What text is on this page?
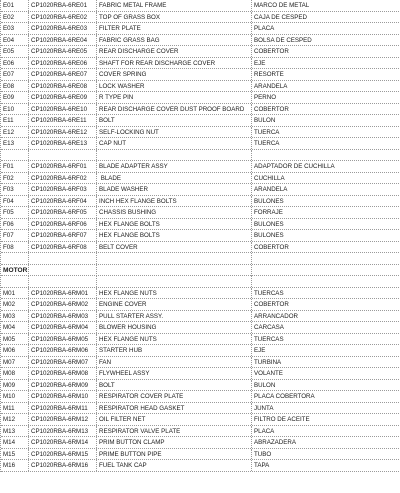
E01	CP1020RBA-6RE01	FABRIC METAL FRAME	MARCO DE METAL
E02	CP1020RBA-6RE02	TOP OF GRASS BOX	CAJA DE CESPED
E03	CP1020RBA-6RE03	FILTER PLATE	PLACA
E04	CP1020RBA-6RE04	FABRIC GRASS BAG	BOLSA DE CESPED
E05	CP1020RBA-6RE05	REAR DISCHARGE COVER	COBERTOR
E06	CP1020RBA-6RE06	SHAFT FOR REAR DISCHARGE COVER	EJE
E07	CP1020RBA-6RE07	COVER SPRING	RESORTE
E08	CP1020RBA-6RE08	LOCK WASHER	ARANDELA
E09	CP1020RBA-6RE09	R TYPE PIN	PERNO
E10	CP1020RBA-6RE10	REAR DISCHARGE COVER DUST PROOF BOARD	COBERTOR
E11	CP1020RBA-6RE11	BOLT	BULON
E12	CP1020RBA-6RE12	SELF-LOCKING NUT	TUERCA
E13	CP1020RBA-6RE13	CAP NUT	TUERCA
F01	CP1020RBA-6RF01	BLADE ADAPTER ASSY	ADAPTADOR DE CUCHILLA
F02	CP1020RBA-6RF02	BLADE	CUCHILLA
F03	CP1020RBA-6RF03	BLADE WASHER	ARANDELA
F04	CP1020RBA-6RF04	INCH HEX FLANGE BOLTS	BULONES
F05	CP1020RBA-6RF05	CHASSIS BUSHING	FORRAJE
F06	CP1020RBA-6RF06	HEX FLANGE BOLTS	BULONES
F07	CP1020RBA-6RF07	HEX FLANGE BOLTS	BULONES
F08	CP1020RBA-6RF08	BELT COVER	COBERTOR
MOTOR
M01	CP1020RBA-6RM01	HEX FLANGE NUTS	TUERCAS
M02	CP1020RBA-6RM02	ENGINE COVER	COBERTOR
M03	CP1020RBA-6RM03	PULL STARTER ASSY.	ARRANCADOR
M04	CP1020RBA-6RM04	BLOWER HOUSING	CARCASA
M05	CP1020RBA-6RM05	HEX FLANGE NUTS	TUERCAS
M06	CP1020RBA-6RM06	STARTER HUB	EJE
M07	CP1020RBA-6RM07	FAN	TURBINA
M08	CP1020RBA-6RM08	FLYWHEEL ASSY	VOLANTE
M09	CP1020RBA-6RM09	BOLT	BULON
M10	CP1020RBA-6RM10	RESPIRATOR COVER PLATE	PLACA COBERTORA
M11	CP1020RBA-6RM11	RESPIRATOR HEAD GASKET	JUNTA
M12	CP1020RBA-6RM12	OIL FILTER NET	FILTRO DE ACEITE
M13	CP1020RBA-6RM13	RESPIRATOR VALVE PLATE	PLACA
M14	CP1020RBA-6RM14	PRIM BUTTON CLAMP	ABRAZADERA
M15	CP1020RBA-6RM15	PRIME BUTTON PIPE	TUBO
M16	CP1020RBA-6RM16	FUEL TANK CAP	TAPA
